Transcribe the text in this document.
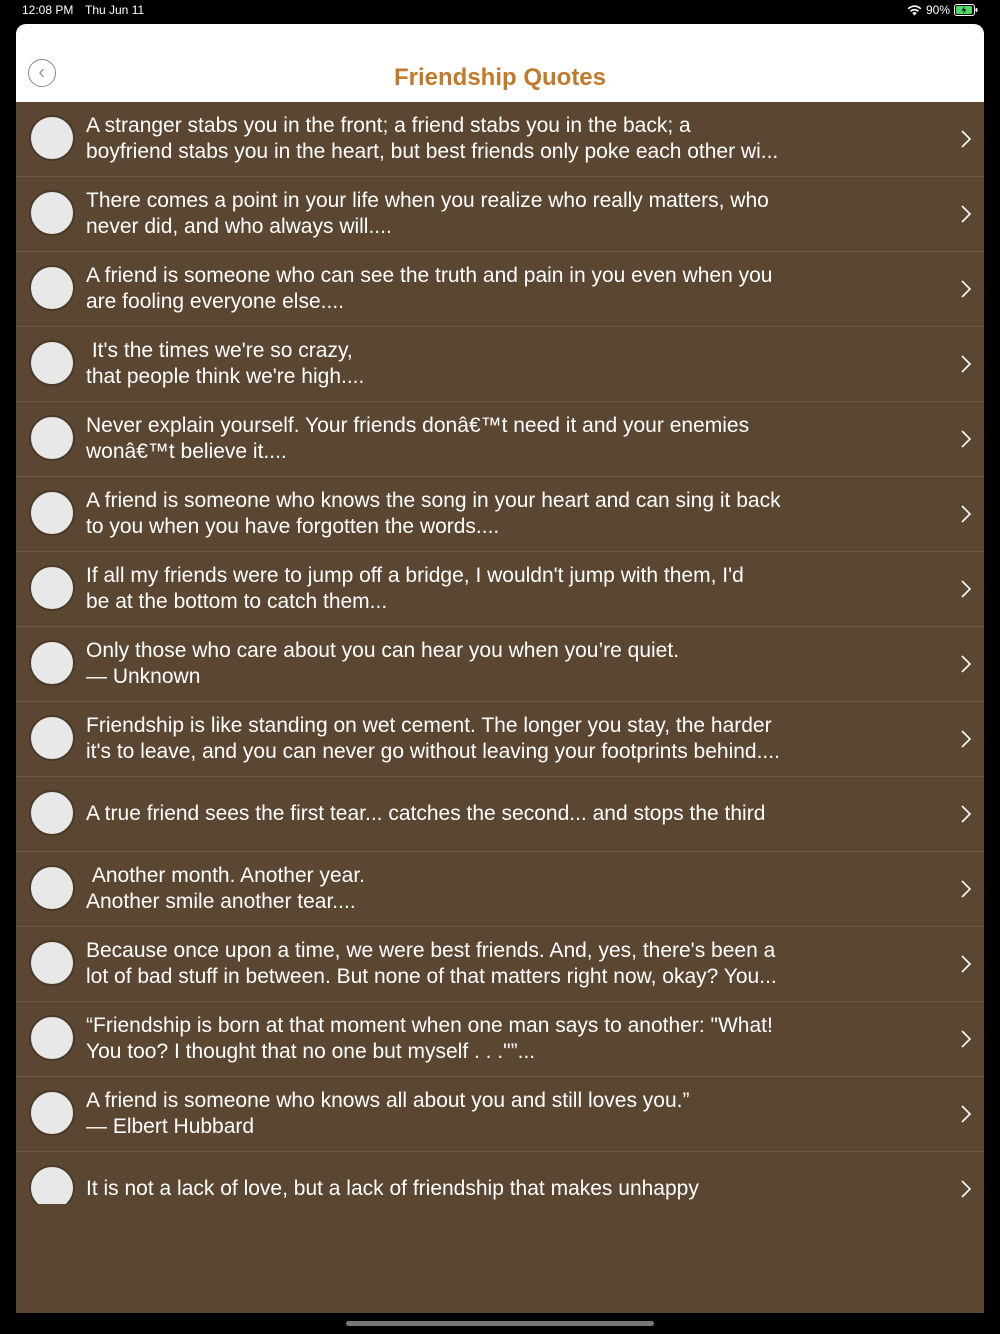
12:08 PM Thu Jun 11	90%
Friendship Quotes
A stranger stabs you in the front; a friend stabs you in the back; a
boyfriend stabs you in the heart, but best friends only poke each other wi...
There comes a point in your life when you realize who really matters, who
never did, and who always will....
A friend is someone who can see the truth and pain in you even when you
are fooling everyone else....
It's the times we're so crazy,
that people think we're high....
Never explain yourself. Your friends donâ€™t need it and your enemies
wonâ€™t believe it....
A friend is someone who knows the song in your heart and can sing it back
to you when you have forgotten the words....
If all my friends were to jump off a bridge, I wouldn't jump with them, I'd
be at the bottom to catch them...
Only those who care about you can hear you when you’re quiet.
— Unknown
Friendship is like standing on wet cement. The longer you stay, the harder
it's to leave, and you can never go without leaving your footprints behind....
A true friend sees the first tear... catches the second... and stops the third
Another month. Another year.
Another smile another tear....
Because once upon a time, we were best friends. And, yes, there's been a
lot of bad stuff in between. But none of that matters right now, okay? You...
“Friendship is born at that moment when one man says to another: "What!
You too? I thought that no one but myself . . ."”...
A friend is someone who knows all about you and still loves you.”
— Elbert Hubbard
It is not a lack of love, but a lack of friendship that makes unhappy
